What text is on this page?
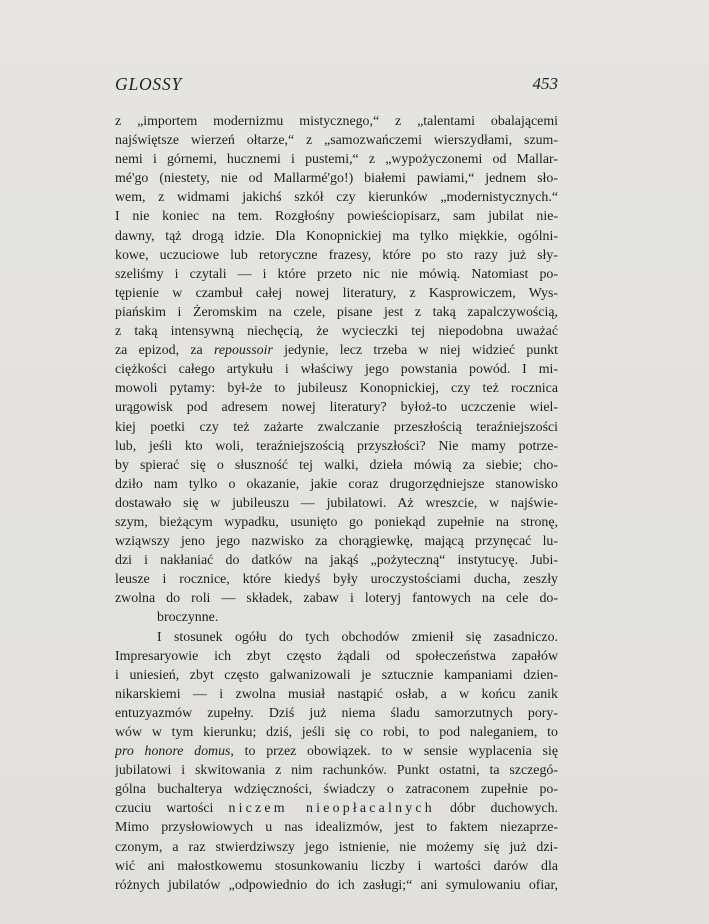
GLOSSY	453
z „importem modernizmu mistycznego,“ z „talentami obalającemi
najświętsze wierzeń ołtarze,“ z „samozwańczemi wierszydłami, szum-
nemi i górnemi, hucznemi i pustemi,“ z „wypożyczonemi od Mallar-
mé'go (niestety, nie od Mallarmé'go!) białemi pawiami,“ jednem sło-
wem, z widmami jakichś szkół czy kierunków „modernistycznych.“
I nie koniec na tem. Rozgłośny powieściopisarz, sam jubilat nie-
dawny, tąż drogą idzie. Dla Konopnickiej ma tylko miękkie, ogólni-
kowe, uczuciowe lub retoryczne frazesy, które po sto razy już sły-
szeliśmy i czytali — i które przeto nic nie mówią. Natomiast po-
tępienie w czambuł całej nowej literatury, z Kasprowiczem, Wys-
piańskim i Żeromskim na czele, pisane jest z taką zapalczywością,
z taką intensywną niechęcią, że wycieczki tej niepodobna uważać
za epizod, za repoussoir jedynie, lecz trzeba w niej widzieć punkt
ciężkości całego artykułu i właściwy jego powstania powód. I mi-
mowoli pytamy: był-że to jubileusz Konopnickiej, czy też rocznica
urągowisk pod adresem nowej literatury? byłoż-to uczczenie wiel-
kiej poetki czy też zażarte zwalczanie przeszłością teraźniejszości
lub, jeśli kto woli, teraźniejszością przyszłości? Nie mamy potrze-
by spierać się o słuszność tej walki, dzieła mówią za siebie; cho-
dziło nam tylko o okazanie, jakie coraz drugorzędniejsze stanowisko
dostawało się w jubileuszu — jubilatowi. Aż wreszcie, w najświe-
szym, bieżącym wypadku, usunięto go poniekąd zupełnie na stronę,
wziąwszy jeno jego nazwisko za chorągiewkę, mającą przynęcać lu-
dzi i nakłaniać do datków na jakąś „pożyteczną“ instytucyę. Jubi-
leusze i rocznice, które kiedyś były uroczystościami ducha, zeszły
zwolna do roli — składek, zabaw i loteryj fantowych na cele do-
broczynne.
I stosunek ogółu do tych obchodów zmienił się zasadniczo.
Impresaryowie ich zbyt często żądali od społeczeństwa zapałów
i uniesień, zbyt często galwanizowali je sztucznie kampaniami dzien-
nikarskiemi — i zwolna musiał nastąpić osłab, a w końcu zanik
entuzyazmów zupełny. Dziś już niema śladu samorzutnych pory-
wów w tym kierunku; dziś, jeśli się co robi, to pod naleganiem, to
pro honore domus, to przez obowiązek. to w sensie wyplacenia się
jubilatowi i skwitowania z nim rachunków. Punkt ostatni, ta szczegó-
gólna buchalterya wdzięczności, świadczy o zatraconem zupełnie po-
czuciu wartości niczem nieopłacalnych dóbr duchowych.
Mimo przysłowiowych u nas idealizmów, jest to faktem niezaprze-
czonym, a raz stwierdziwszy jego istnienie, nie możemy się już dzi-
wić ani małostkowemu stosunkowaniu liczby i wartości darów dla
różnych jubilatów „odpowiednio do ich zasługi;“ ani symulowaniu ofiar,
